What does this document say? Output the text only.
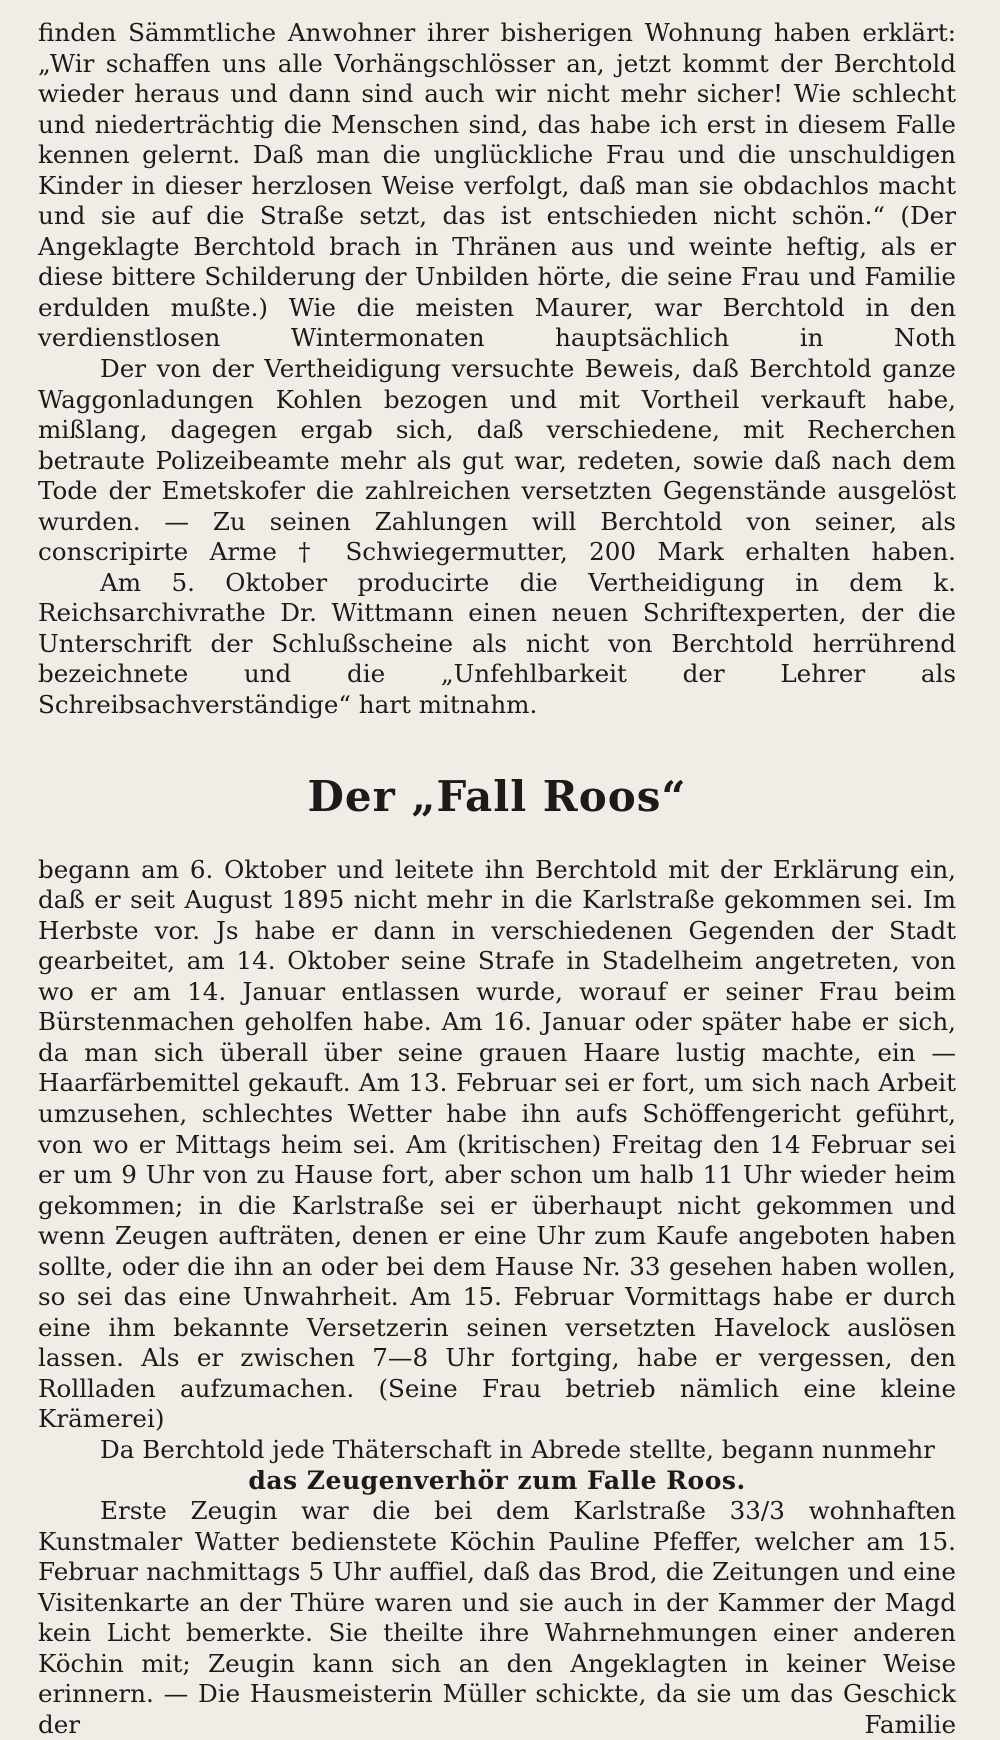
finden Sämmtliche Anwohner ihrer bisherigen Wohnung haben erklärt: „Wir schaffen uns alle Vorhängschlösser an, jetzt kommt der Berchtold wieder heraus und dann sind auch wir nicht mehr sicher! Wie schlecht und niederträchtig die Menschen sind, das habe ich erst in diesem Falle kennen gelernt. Daß man die unglückliche Frau und die unschuldigen Kinder in dieser herzlosen Weise verfolgt, daß man sie obdachlos macht und sie auf die Straße setzt, das ist entschieden nicht schön.“ (Der Angeklagte Berchtold brach in Thränen aus und weinte heftig, als er diese bittere Schilderung der Unbilden hörte, die seine Frau und Familie erdulden mußte.) Wie die meisten Maurer, war Berchtold in den verdienstlosen Wintermonaten hauptsächlich in Noth

Der von der Vertheidigung versuchte Beweis, daß Berchtold ganze Waggonladungen Kohlen bezogen und mit Vortheil verkauft habe, mißlang, dagegen ergab sich, daß verschiedene, mit Recherchen betraute Polizeibeamte mehr als gut war, redeten, sowie daß nach dem Tode der Emetskofer die zahlreichen versetzten Gegenstände ausgelöst wurden. — Zu seinen Zahlungen will Berchtold von seiner, als conscripirte Arme † Schwiegermutter, 200 Mark erhalten haben.

Am 5. Oktober producirte die Vertheidigung in dem k. Reichsarchivrathe Dr. Wittmann einen neuen Schriftexperten, der die Unterschrift der Schlußscheine als nicht von Berchtold herrührend bezeichnete und die „Unfehlbarkeit der Lehrer als Schreibsachverständige“ hart mitnahm.

Der „Fall Roos“

begann am 6. Oktober und leitete ihn Berchtold mit der Erklärung ein, daß er seit August 1895 nicht mehr in die Karlstraße gekommen sei. Im Herbste vor. Js habe er dann in verschiedenen Gegenden der Stadt gearbeitet, am 14. Oktober seine Strafe in Stadelheim angetreten, von wo er am 14. Januar entlassen wurde, worauf er seiner Frau beim Bürstenmachen geholfen habe. Am 16. Januar oder später habe er sich, da man sich überall über seine grauen Haare lustig machte, ein — Haarfärbemittel gekauft. Am 13. Februar sei er fort, um sich nach Arbeit umzusehen, schlechtes Wetter habe ihn aufs Schöffengericht geführt, von wo er Mittags heim sei. Am (kritischen) Freitag den 14 Februar sei er um 9 Uhr von zu Hause fort, aber schon um halb 11 Uhr wieder heim gekommen; in die Karlstraße sei er überhaupt nicht gekommen und wenn Zeugen aufträten, denen er eine Uhr zum Kaufe angeboten haben sollte, oder die ihn an oder bei dem Hause Nr. 33 gesehen haben wollen, so sei das eine Unwahrheit. Am 15. Februar Vormittags habe er durch eine ihm bekannte Versetzerin seinen versetzten Havelock auslösen lassen. Als er zwischen 7—8 Uhr fortging, habe er vergessen, den Rollladen aufzumachen. (Seine Frau betrieb nämlich eine kleine Krämerei)

Da Berchtold jede Thäterschaft in Abrede stellte, begann nunmehr

das Zeugenverhör zum Falle Roos.

Erste Zeugin war die bei dem Karlstraße 33/3 wohnhaften Kunstmaler Watter bedienstete Köchin Pauline Pfeffer, welcher am 15. Februar nachmittags 5 Uhr auffiel, daß das Brod, die Zeitungen und eine Visitenkarte an der Thüre waren und sie auch in der Kammer der Magd kein Licht bemerkte. Sie theilte ihre Wahrnehmungen einer anderen Köchin mit; Zeugin kann sich an den Angeklagten in keiner Weise erinnern. — Die Hausmeisterin Müller schickte, da sie um das Geschick der Familie
